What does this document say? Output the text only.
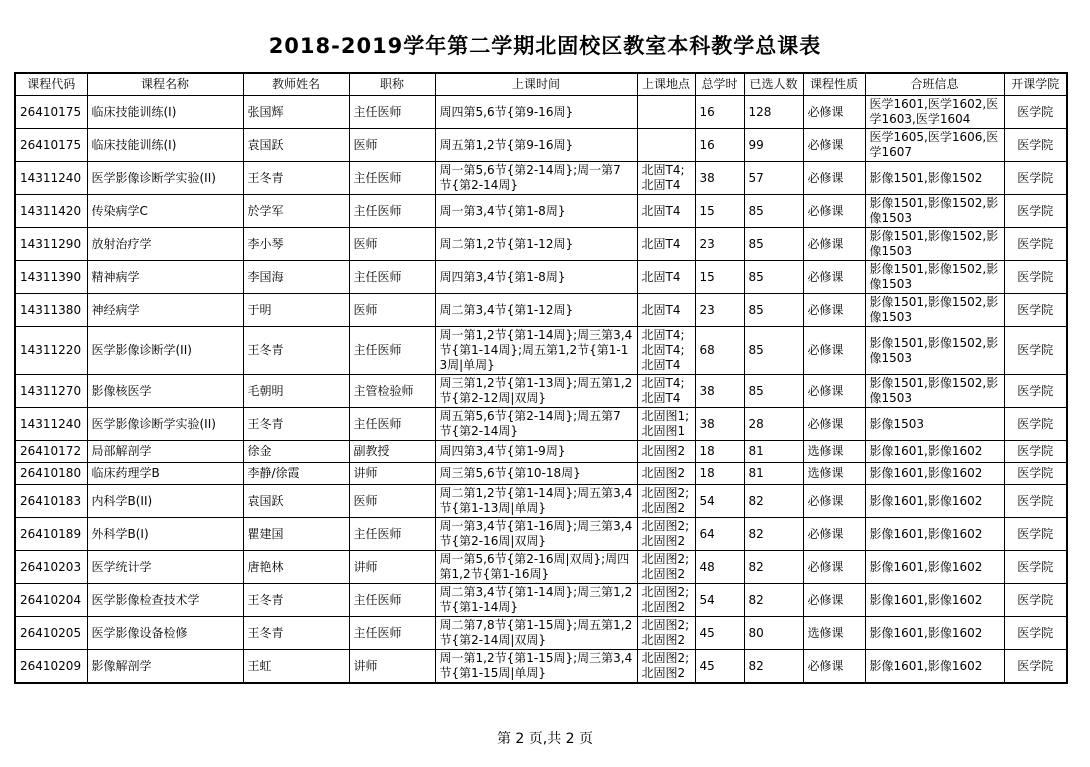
2018-2019学年第二学期北固校区教室本科教学总课表
课程代码	课程名称	教师姓名	职称	上课时间	上课地点	总学时	已选人数	课程性质	合班信息	开课学院
26410175	临床技能训练(I)	张国辉	主任医师	周四第5,6节{第9-16周}		16	128	必修课	医学1601,医学1602,医学1603,医学1604	医学院
26410175	临床技能训练(I)	袁国跃	医师	周五第1,2节{第9-16周}		16	99	必修课	医学1605,医学1606,医学1607	医学院
14311240	医学影像诊断学实验(II)	王冬青	主任医师	周一第5,6节{第2-14周};周一第7节{第2-14周}	北固T4;北固T4	38	57	必修课	影像1501,影像1502	医学院
14311420	传染病学C	於学军	主任医师	周一第3,4节{第1-8周}	北固T4	15	85	必修课	影像1501,影像1502,影像1503	医学院
14311290	放射治疗学	李小琴	医师	周二第1,2节{第1-12周}	北固T4	23	85	必修课	影像1501,影像1502,影像1503	医学院
14311390	精神病学	李国海	主任医师	周四第3,4节{第1-8周}	北固T4	15	85	必修课	影像1501,影像1502,影像1503	医学院
14311380	神经病学	于明	医师	周二第3,4节{第1-12周}	北固T4	23	85	必修课	影像1501,影像1502,影像1503	医学院
14311220	医学影像诊断学(II)	王冬青	主任医师	周一第1,2节{第1-14周};周三第3,4节{第1-14周};周五第1,2节{第1-13周|单周}	北固T4;北固T4;北固T4	68	85	必修课	影像1501,影像1502,影像1503	医学院
14311270	影像核医学	毛朝明	主管检验师	周三第1,2节{第1-13周};周五第1,2节{第2-12周|双周}	北固T4;北固T4	38	85	必修课	影像1501,影像1502,影像1503	医学院
14311240	医学影像诊断学实验(II)	王冬青	主任医师	周五第5,6节{第2-14周};周五第7节{第2-14周}	北固图1;北固图1	38	28	必修课	影像1503	医学院
26410172	局部解剖学	徐金	副教授	周四第3,4节{第1-9周}	北固图2	18	81	选修课	影像1601,影像1602	医学院
26410180	临床药理学B	李静/徐霞	讲师	周三第5,6节{第10-18周}	北固图2	18	81	选修课	影像1601,影像1602	医学院
26410183	内科学B(II)	袁国跃	医师	周二第1,2节{第1-14周};周五第3,4节{第1-13周|单周}	北固图2;北固图2	54	82	必修课	影像1601,影像1602	医学院
26410189	外科学B(I)	瞿建国	主任医师	周一第3,4节{第1-16周};周三第3,4节{第2-16周|双周}	北固图2;北固图2	64	82	必修课	影像1601,影像1602	医学院
26410203	医学统计学	唐艳林	讲师	周一第5,6节{第2-16周|双周};周四第1,2节{第1-16周}	北固图2;北固图2	48	82	必修课	影像1601,影像1602	医学院
26410204	医学影像检查技术学	王冬青	主任医师	周二第3,4节{第1-14周};周三第1,2节{第1-14周}	北固图2;北固图2	54	82	必修课	影像1601,影像1602	医学院
26410205	医学影像设备检修	王冬青	主任医师	周二第7,8节{第1-15周};周五第1,2节{第2-14周|双周}	北固图2;北固图2	45	80	选修课	影像1601,影像1602	医学院
26410209	影像解剖学	王虹	讲师	周一第1,2节{第1-15周};周三第3,4节{第1-15周|单周}	北固图2;北固图2	45	82	必修课	影像1601,影像1602	医学院
第 2 页,共 2 页
